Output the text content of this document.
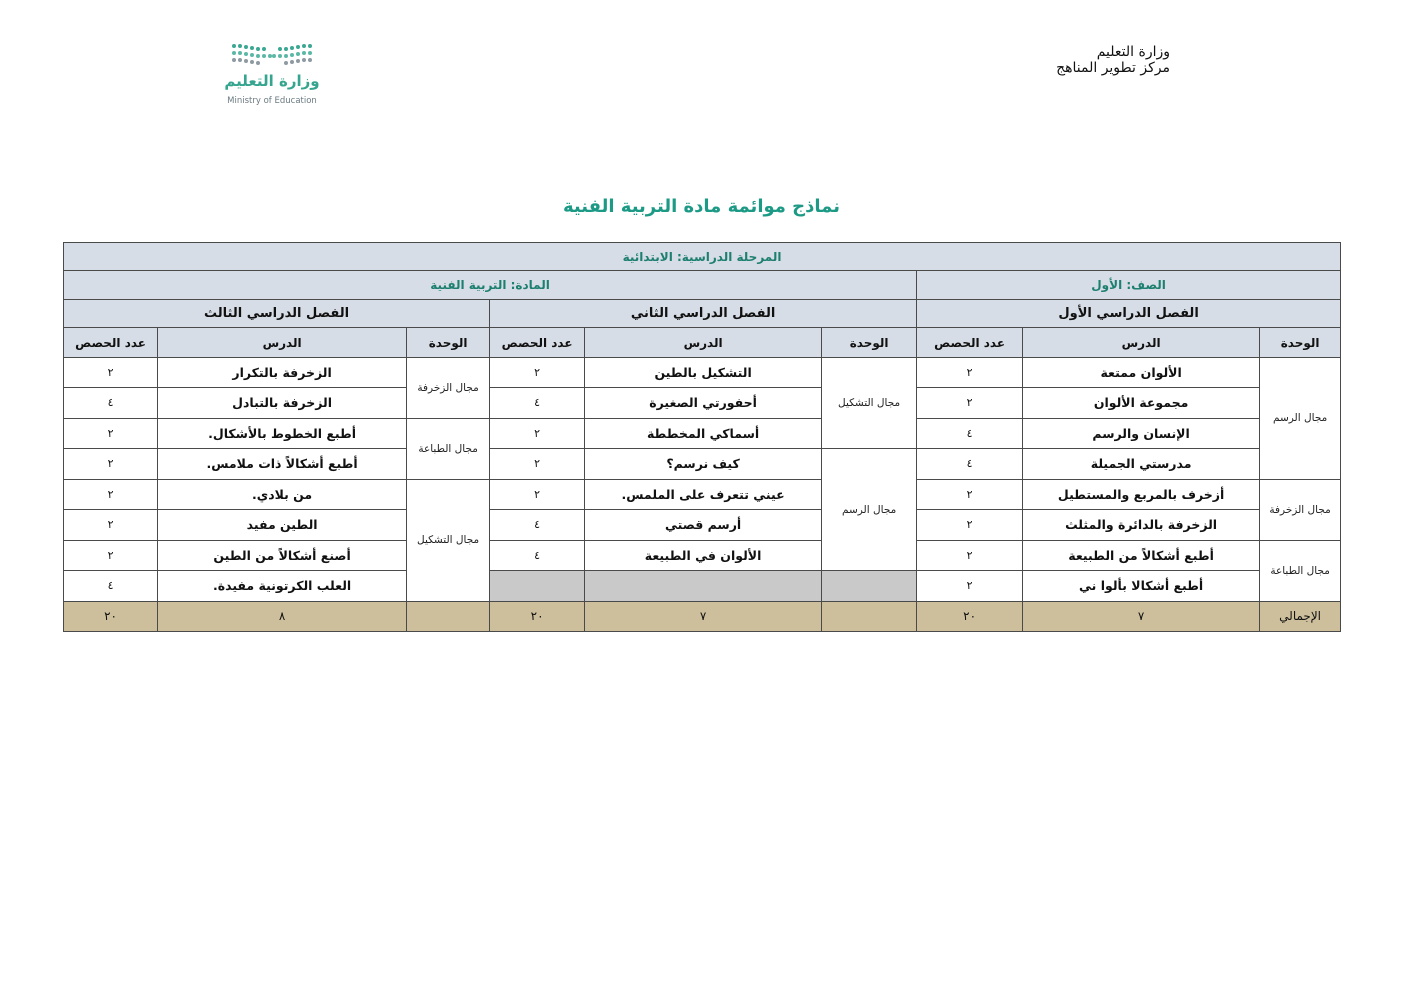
وزارة التعليم
مركز تطوير المناهج
وزارة التعليم
Ministry of Education
نماذج موائمة مادة التربية الفنية
المرحلة الدراسية: الابتدائية								
الصف: الأول			المادة: التربية الفنية					
الفصل الدراسي الأول			الفصل الدراسي الثاني			الفصل الدراسي الثالث		
الوحدة	الدرس	عدد الحصص	الوحدة	الدرس	عدد الحصص	الوحدة	الدرس	عدد الحصص
مجال الرسم	الألوان ممتعة	٢	مجال التشكيل	التشكيل بالطين	٢	مجال الزخرفة	الزخرفة بالتكرار	٢
	مجموعة الألوان	٢		أحفورتي الصغيرة	٤		الزخرفة بالتبادل	٤
	الإنسان والرسم	٤		أسماكي المخططة	٢	مجال الطباعة	أطبع الخطوط بالأشكال.	٢
	مدرستي الجميلة	٤	مجال الرسم	كيف نرسم؟	٢		أطبع أشكالاً ذات ملامس.	٢
مجال الزخرفة	أزخرف بالمربع والمستطيل	٢		عيني تتعرف على الملمس.	٢	مجال التشكيل	من بلادي.	٢
	الزخرفة بالدائرة والمثلث	٢		أرسم قصتي	٤		الطين مفيد	٢
مجال الطباعة	أطبع أشكالاً من الطبيعة	٢		الألوان في الطبيعة	٤		أصنع أشكالاً من الطين	٢
	أطبع أشكالا بألوا ني	٢					العلب الكرتونية مفيدة.	٤
الإجمالي	٧	٢٠		٧	٢٠		٨	٢٠
